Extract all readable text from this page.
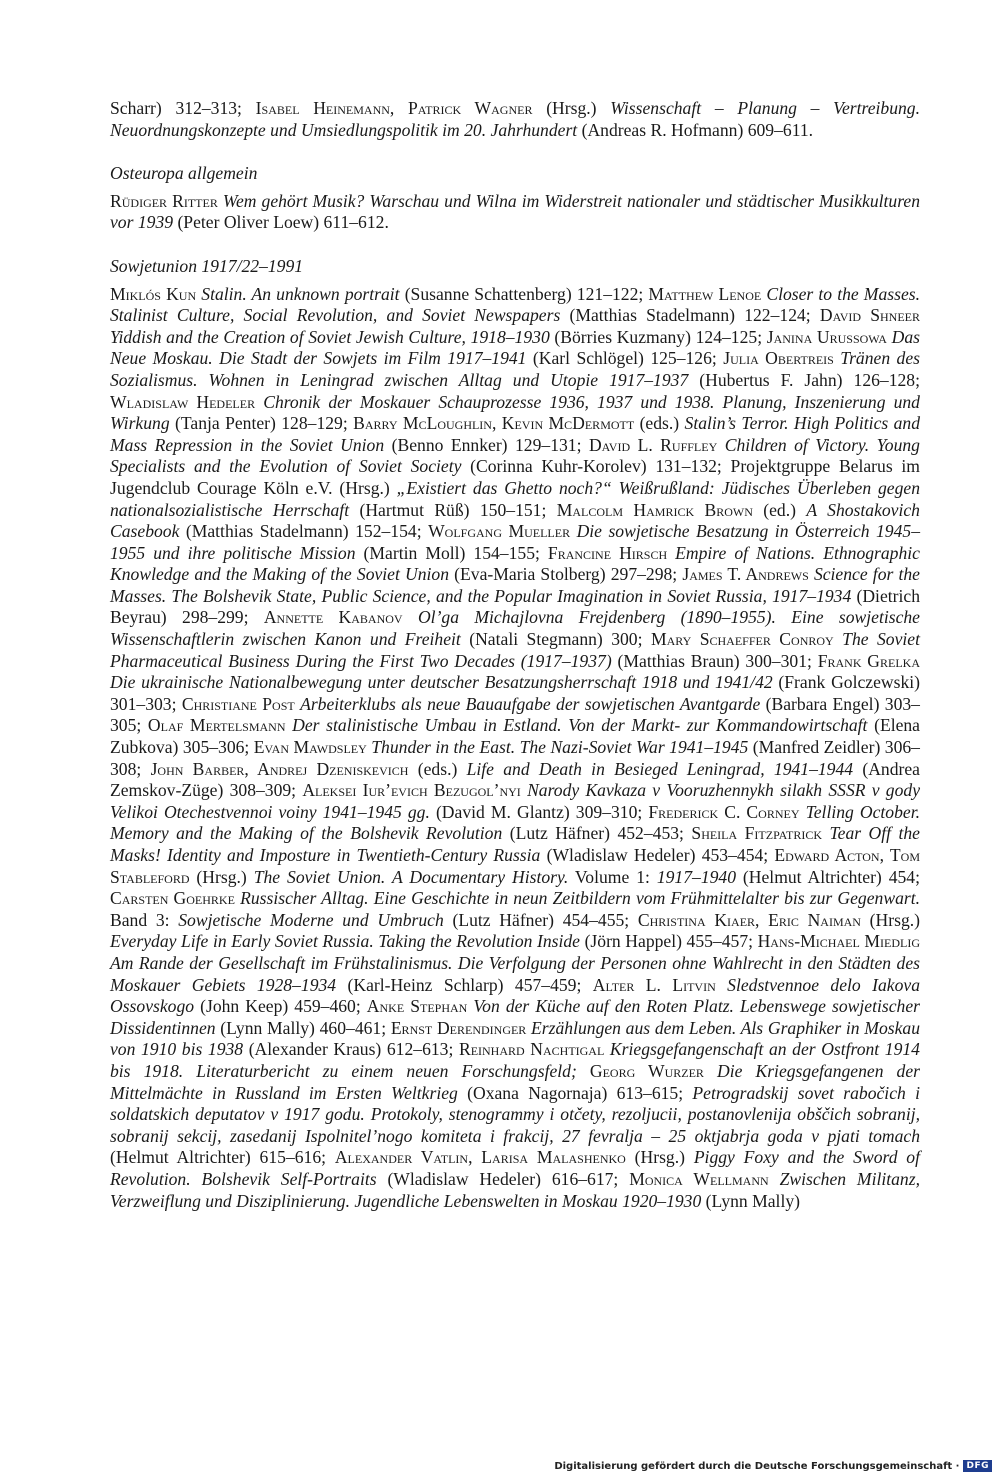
Scharr) 312–313; Isabel Heinemann, Patrick Wagner (Hrsg.) Wissenschaft – Planung – Vertreibung. Neuordnungskonzepte und Umsiedlungspolitik im 20. Jahrhundert (Andreas R. Hofmann) 609–611.

Osteuropa allgemein

Rüdiger Ritter Wem gehört Musik? Warschau und Wilna im Widerstreit nationaler und städtischer Musikkulturen vor 1939 (Peter Oliver Loew) 611–612.

Sowjetunion 1917/22–1991

Miklós Kun Stalin. An unknown portrait (Susanne Schattenberg) 121–122; Matthew Lenoe Closer to the Masses. Stalinist Culture, Social Revolution, and Soviet Newspapers (Matthias Stadelmann) 122–124; David Shneer Yiddish and the Creation of Soviet Jewish Culture, 1918–1930 (Börries Kuzmany) 124–125; Janina Urussowa Das Neue Moskau. Die Stadt der Sowjets im Film 1917–1941 (Karl Schlögel) 125–126; Julia Obertreis Tränen des Sozialismus. Wohnen in Leningrad zwischen Alltag und Utopie 1917–1937 (Hubertus F. Jahn) 126–128; Wladislaw Hedeler Chronik der Moskauer Schauprozesse 1936, 1937 und 1938. Planung, Inszenierung und Wirkung (Tanja Penter) 128–129; Barry McLoughlin, Kevin McDermott (eds.) Stalin’s Terror. High Politics and Mass Repression in the Soviet Union (Benno Ennker) 129–131; David L. Ruffley Children of Victory. Young Specialists and the Evolution of Soviet Society (Corinna Kuhr-Korolev) 131–132; Projektgruppe Belarus im Jugendclub Courage Köln e.V. (Hrsg.) „Existiert das Ghetto noch?“ Weißrußland: Jüdisches Überleben gegen nationalsozialistische Herrschaft (Hartmut Rüß) 150–151; Malcolm Hamrick Brown (ed.) A Shostakovich Casebook (Matthias Stadelmann) 152–154; Wolfgang Mueller Die sowjetische Besatzung in Österreich 1945–1955 und ihre politische Mission (Martin Moll) 154–155; Francine Hirsch Empire of Nations. Ethnographic Knowledge and the Making of the Soviet Union (Eva-Maria Stolberg) 297–298; James T. Andrews Science for the Masses. The Bolshevik State, Public Science, and the Popular Imagination in Soviet Russia, 1917–1934 (Dietrich Beyrau) 298–299; Annette Kabanov Ol’ga Michajlovna Frejdenberg (1890–1955). Eine sowjetische Wissenschaftlerin zwischen Kanon und Freiheit (Natali Stegmann) 300; Mary Schaeffer Conroy The Soviet Pharmaceutical Business During the First Two Decades (1917–1937) (Matthias Braun) 300–301; Frank Grelka Die ukrainische Nationalbewegung unter deutscher Besatzungsherrschaft 1918 und 1941/42 (Frank Golczewski) 301–303; Christiane Post Arbeiterklubs als neue Bauaufgabe der sowjetischen Avantgarde (Barbara Engel) 303–305; Olaf Mertelsmann Der stalinistische Umbau in Estland. Von der Markt- zur Kommandowirtschaft (Elena Zubkova) 305–306; Evan Mawdsley Thunder in the East. The Nazi-Soviet War 1941–1945 (Manfred Zeidler) 306–308; John Barber, Andrej Dzeniskevich (eds.) Life and Death in Besieged Leningrad, 1941–1944 (Andrea Zemskov-Züge) 308–309; Aleksei Iur’evich Bezugol’nyi Narody Kavkaza v Vooruzhennykh silakh SSSR v gody Velikoi Otechestvennoi voiny 1941–1945 gg. (David M. Glantz) 309–310; Frederick C. Corney Telling October. Memory and the Making of the Bolshevik Revolution (Lutz Häfner) 452–453; Sheila Fitzpatrick Tear Off the Masks! Identity and Imposture in Twentieth-Century Russia (Wladislaw Hedeler) 453–454; Edward Acton, Tom Stableford (Hrsg.) The Soviet Union. A Documentary History. Volume 1: 1917–1940 (Helmut Altrichter) 454; Carsten Goehrke Russischer Alltag. Eine Geschichte in neun Zeitbildern vom Frühmittelalter bis zur Gegenwart. Band 3: Sowjetische Moderne und Umbruch (Lutz Häfner) 454–455; Christina Kiaer, Eric Naiman (Hrsg.) Everyday Life in Early Soviet Russia. Taking the Revolution Inside (Jörn Happel) 455–457; Hans-Michael Miedlig Am Rande der Gesellschaft im Frühstalinismus. Die Verfolgung der Personen ohne Wahlrecht in den Städten des Moskauer Gebiets 1928–1934 (Karl-Heinz Schlarp) 457–459; Alter L. Litvin Sledstvennoe delo Iakova Ossovskogo (John Keep) 459–460; Anke Stephan Von der Küche auf den Roten Platz. Lebenswege sowjetischer Dissidentinnen (Lynn Mally) 460–461; Ernst Derendinger Erzählungen aus dem Leben. Als Graphiker in Moskau von 1910 bis 1938 (Alexander Kraus) 612–613; Reinhard Nachtigal Kriegsgefangenschaft an der Ostfront 1914 bis 1918. Literaturbericht zu einem neuen Forschungsfeld; Georg Wurzer Die Kriegsgefangenen der Mittelmächte in Russland im Ersten Weltkrieg (Oxana Nagornaja) 613–615; Petrogradskij sovet rabočich i soldatskich deputatov v 1917 godu. Protokoly, stenogrammy i otčety, rezoljucii, postanovlenija obščich sobranij, sobranij sekcij, zasedanij Ispolnitel’nogo komiteta i frakcij, 27 fevralja – 25 oktjabrja goda v pjati tomach (Helmut Altrichter) 615–616; Alexander Vatlin, Larisa Malashenko (Hrsg.) Piggy Foxy and the Sword of Revolution. Bolshevik Self-Portraits (Wladislaw Hedeler) 616–617; Monica Wellmann Zwischen Militanz, Verzweiflung und Disziplinierung. Jugendliche Lebenswelten in Moskau 1920–1930 (Lynn Mally)

Digitalisierung gefördert durch die Deutsche Forschungsgemeinschaft · DFG
